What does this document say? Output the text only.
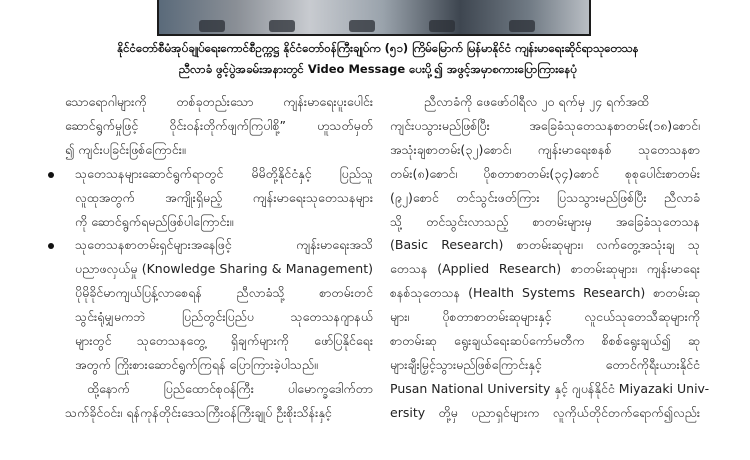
နိုင်ငံတော်စီမံအုပ်ချုပ်ရေးကောင်စီဥက္ကဋ္ဌ နိုင်ငံတော်ဝန်ကြီးချုပ်က (၅၁) ကြိမ်မြောက် မြန်မာနိုင်ငံ ကျန်းမာရေးဆိုင်ရာသုတေသန
ညီလာခံ ဖွင့်ပွဲအခမ်းအနားတွင် Video Message ပေးပို့၍ အဖွင့်အမှာစကားပြောကြားနေပုံ
သောရောဂါများကို တစ်ခုတည်းသော ကျန်းမာရေးပူးပေါင်း
ဆောင်ရွက်မှုဖြင့် ဝိုင်းဝန်းတိုက်ဖျက်ကြပါစို့” ဟူသတ်မှတ်
၍ ကျင်းပခြင်းဖြစ်ကြောင်း။
သုတေသနများဆောင်ရွက်ရာတွင် မိမိတို့နိုင်ငံနှင့် ပြည်သူ
လူထုအတွက် အကျိုးရှိမည့် ကျန်းမာရေးသုတေသနများ
ကို ဆောင်ရွက်ရမည်ဖြစ်ပါကြောင်း။
သုတေသနစာတမ်းရှင်များအနေဖြင့် ကျန်းမာရေးအသိ
ပညာဖလှယ်မှု (Knowledge Sharing & Management)
ပိုမိုခိုင်မာကျယ်ပြန့်လာစေရန် ညီလာခံသို့ စာတမ်းတင်
သွင်းရုံမျှမကဘဲ ပြည်တွင်းပြည်ပ သုတေသနဂျာနယ်
များတွင် သုတေသနတွေ့ ရှိချက်များကို ဖော်ပြနိုင်ရေး
အတွက် ကြိုးစားဆောင်ရွက်ကြရန် ပြောကြားခဲ့ပါသည်။
ထို့နောက် ပြည်ထောင်စုဝန်ကြီး ပါမောက္ခဒေါက်တာ
သက်ခိုင်ဝင်း၊ ရန်ကုန်တိုင်းဒေသကြီးဝန်ကြီးချုပ် ဦးစိုးသိန်းနှင့်
ညီလာခံကို ဖေဖော်ဝါရီလ ၂၀ ရက်မှ ၂၄ ရက်အထိ
ကျင်းပသွားမည်ဖြစ်ပြီး အခြေခံသုတေသနစာတမ်း(၁၈)စောင်၊
အသုံးချစာတမ်း(၃၂)စောင်၊ ကျန်းမာရေးစနစ် သုတေသနစာ
တမ်း(၈)စောင်၊ ပိုစတာစာတမ်း(၃၄)စောင် စုစုပေါင်းစာတမ်း
(၉၂)စောင် တင်သွင်းဖတ်ကြား ပြသသွားမည်ဖြစ်ပြီး ညီလာခံ
သို့ တင်သွင်းလာသည့် စာတမ်းများမှ အခြေခံသုတေသန
(Basic Research) စာတမ်းဆုများ၊ လက်တွေ့အသုံးချ သု
တေသန (Applied Research) စာတမ်းဆုများ၊ ကျန်းမာရေး
စနစ်သုတေသန (Health Systems Research) စာတမ်းဆု
များ၊ ပိုစတာစာတမ်းဆုများနှင့် လူငယ်သုတေသီဆုများကို
စာတမ်းဆု ရွေးချယ်ရေးဆပ်ကော်မတီက စိစစ်ရွေးချယ်၍ ဆု
များချီးမြှင့်သွားမည်ဖြစ်ကြောင်းနှင့် တောင်ကိုရီးယားနိုင်ငံ
Pusan National University နှင့် ဂျပန်နိုင်ငံ Miyazaki Univ-
ersity တို့မှ ပညာရှင်များက လူကိုယ်တိုင်တက်ရောက်၍လည်း
